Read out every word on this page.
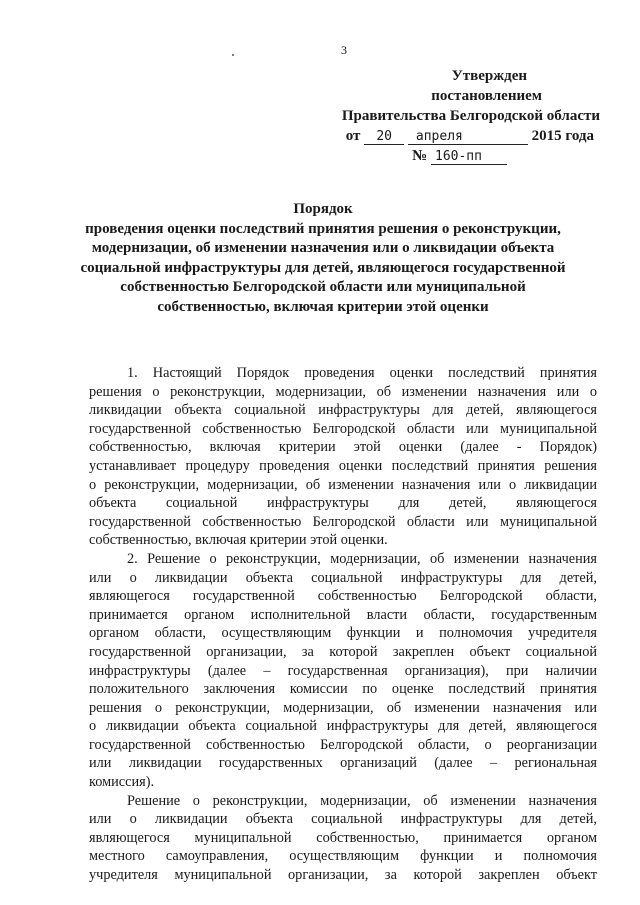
3
Утвержден
постановлением
Правительства Белгородской области
от 20 апреля	2015 года
№ 160-пп
Порядок
проведения оценки последствий принятия решения о реконструкции,
модернизации, об изменении назначения или о ликвидации объекта
социальной инфраструктуры для детей, являющегося государственной
собственностью Белгородской области или муниципальной
собственностью, включая критерии этой оценки
1. Настоящий Порядок проведения оценки последствий принятия
решения о реконструкции, модернизации, об изменении назначения или о
ликвидации объекта социальной инфраструктуры для детей, являющегося
государственной собственностью Белгородской области или муниципальной
собственностью, включая критерии этой оценки (далее - Порядок)
устанавливает процедуру проведения оценки последствий принятия решения
о реконструкции, модернизации, об изменении назначения или о ликвидации
объекта социальной инфраструктуры для детей, являющегося
государственной собственностью Белгородской области или муниципальной
собственностью, включая критерии этой оценки.
2. Решение о реконструкции, модернизации, об изменении назначения
или о ликвидации объекта социальной инфраструктуры для детей,
являющегося государственной собственностью Белгородской области,
принимается органом исполнительной власти области, государственным
органом области, осуществляющим функции и полномочия учредителя
государственной организации, за которой закреплен объект социальной
инфраструктуры (далее – государственная организация), при наличии
положительного заключения комиссии по оценке последствий принятия
решения о реконструкции, модернизации, об изменении назначения или
о ликвидации объекта социальной инфраструктуры для детей, являющегося
государственной собственностью Белгородской области, о реорганизации
или ликвидации государственных организаций (далее – региональная
комиссия).
Решение о реконструкции, модернизации, об изменении назначения
или о ликвидации объекта социальной инфраструктуры для детей,
являющегося муниципальной собственностью, принимается органом
местного самоуправления, осуществляющим функции и полномочия
учредителя муниципальной организации, за которой закреплен объект
